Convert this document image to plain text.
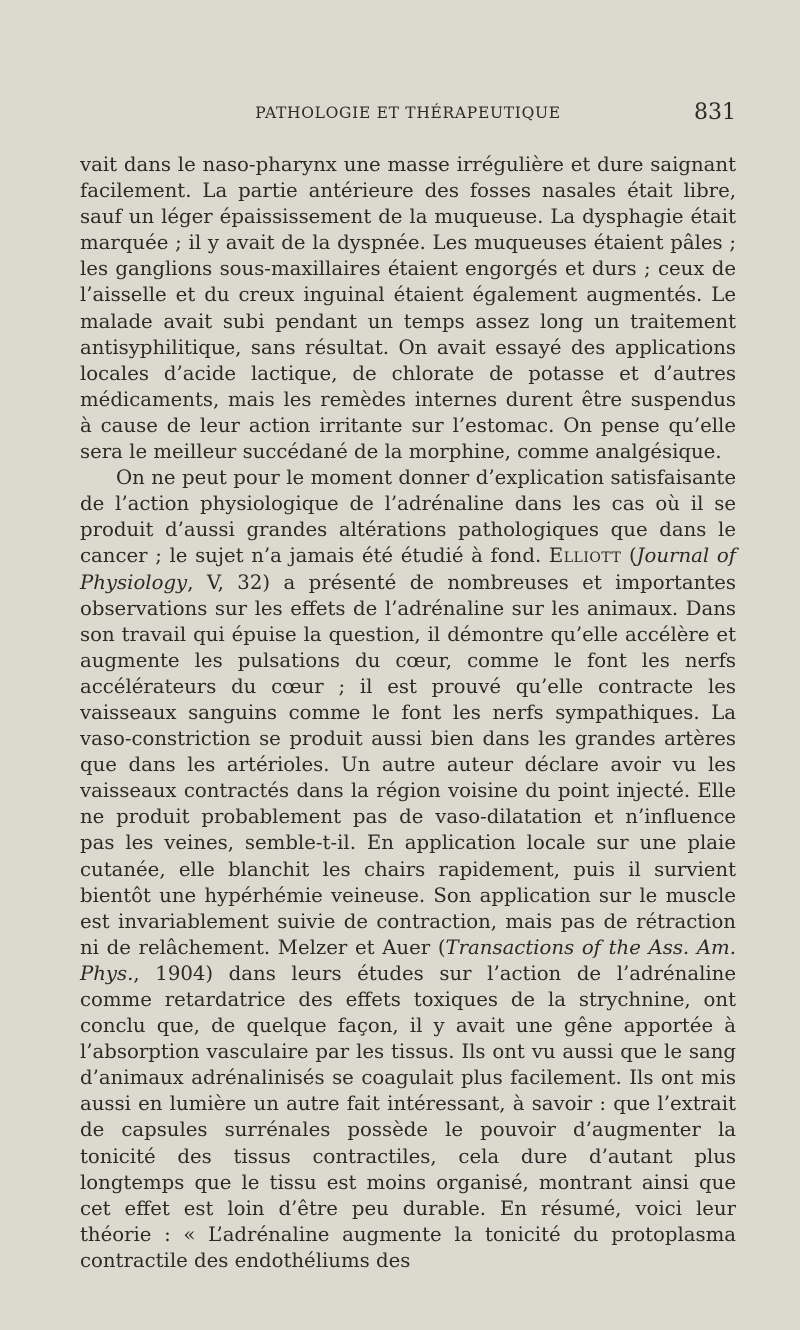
PATHOLOGIE ET THÉRAPEUTIQUE	831

vait dans le naso-pharynx une masse irrégulière et dure saignant facilement. La partie antérieure des fosses nasales était libre, sauf un léger épaississement de la muqueuse. La dysphagie était marquée ; il y avait de la dyspnée. Les muqueuses étaient pâles ; les ganglions sous-maxillaires étaient engorgés et durs ; ceux de l’aisselle et du creux inguinal étaient également augmentés. Le malade avait subi pendant un temps assez long un traitement antisyphilitique, sans résultat. On avait essayé des applications locales d’acide lactique, de chlorate de potasse et d’autres médicaments, mais les remèdes internes durent être suspendus à cause de leur action irritante sur l’estomac. On pense qu’elle sera le meilleur succédané de la morphine, comme analgésique.

On ne peut pour le moment donner d’explication satisfaisante de l’action physiologique de l’adrénaline dans les cas où il se produit d’aussi grandes altérations pathologiques que dans le cancer ; le sujet n’a jamais été étudié à fond. Elliott (Journal of Physiology, V, 32) a présenté de nombreuses et importantes observations sur les effets de l’adrénaline sur les animaux. Dans son travail qui épuise la question, il démontre qu’elle accélère et augmente les pulsations du cœur, comme le font les nerfs accélérateurs du cœur ; il est prouvé qu’elle contracte les vaisseaux sanguins comme le font les nerfs sympathiques. La vaso-constriction se produit aussi bien dans les grandes artères que dans les artérioles. Un autre auteur déclare avoir vu les vaisseaux contractés dans la région voisine du point injecté. Elle ne produit probablement pas de vaso-dilatation et n’influence pas les veines, semble-t-il. En application locale sur une plaie cutanée, elle blanchit les chairs rapidement, puis il survient bientôt une hypérhémie veineuse. Son application sur le muscle est invariablement suivie de contraction, mais pas de rétraction ni de relâchement. Melzer et Auer (Transactions of the Ass. Am. Phys., 1904) dans leurs études sur l’action de l’adrénaline comme retardatrice des effets toxiques de la strychnine, ont conclu que, de quelque façon, il y avait une gêne apportée à l’absorption vasculaire par les tissus. Ils ont vu aussi que le sang d’animaux adrénalinisés se coagulait plus facilement. Ils ont mis aussi en lumière un autre fait intéressant, à savoir : que l’extrait de capsules surrénales possède le pouvoir d’augmenter la tonicité des tissus contractiles, cela dure d’autant plus longtemps que le tissu est moins organisé, montrant ainsi que cet effet est loin d’être peu durable. En résumé, voici leur théorie : « L’adrénaline augmente la tonicité du protoplasma contractile des endothéliums des
